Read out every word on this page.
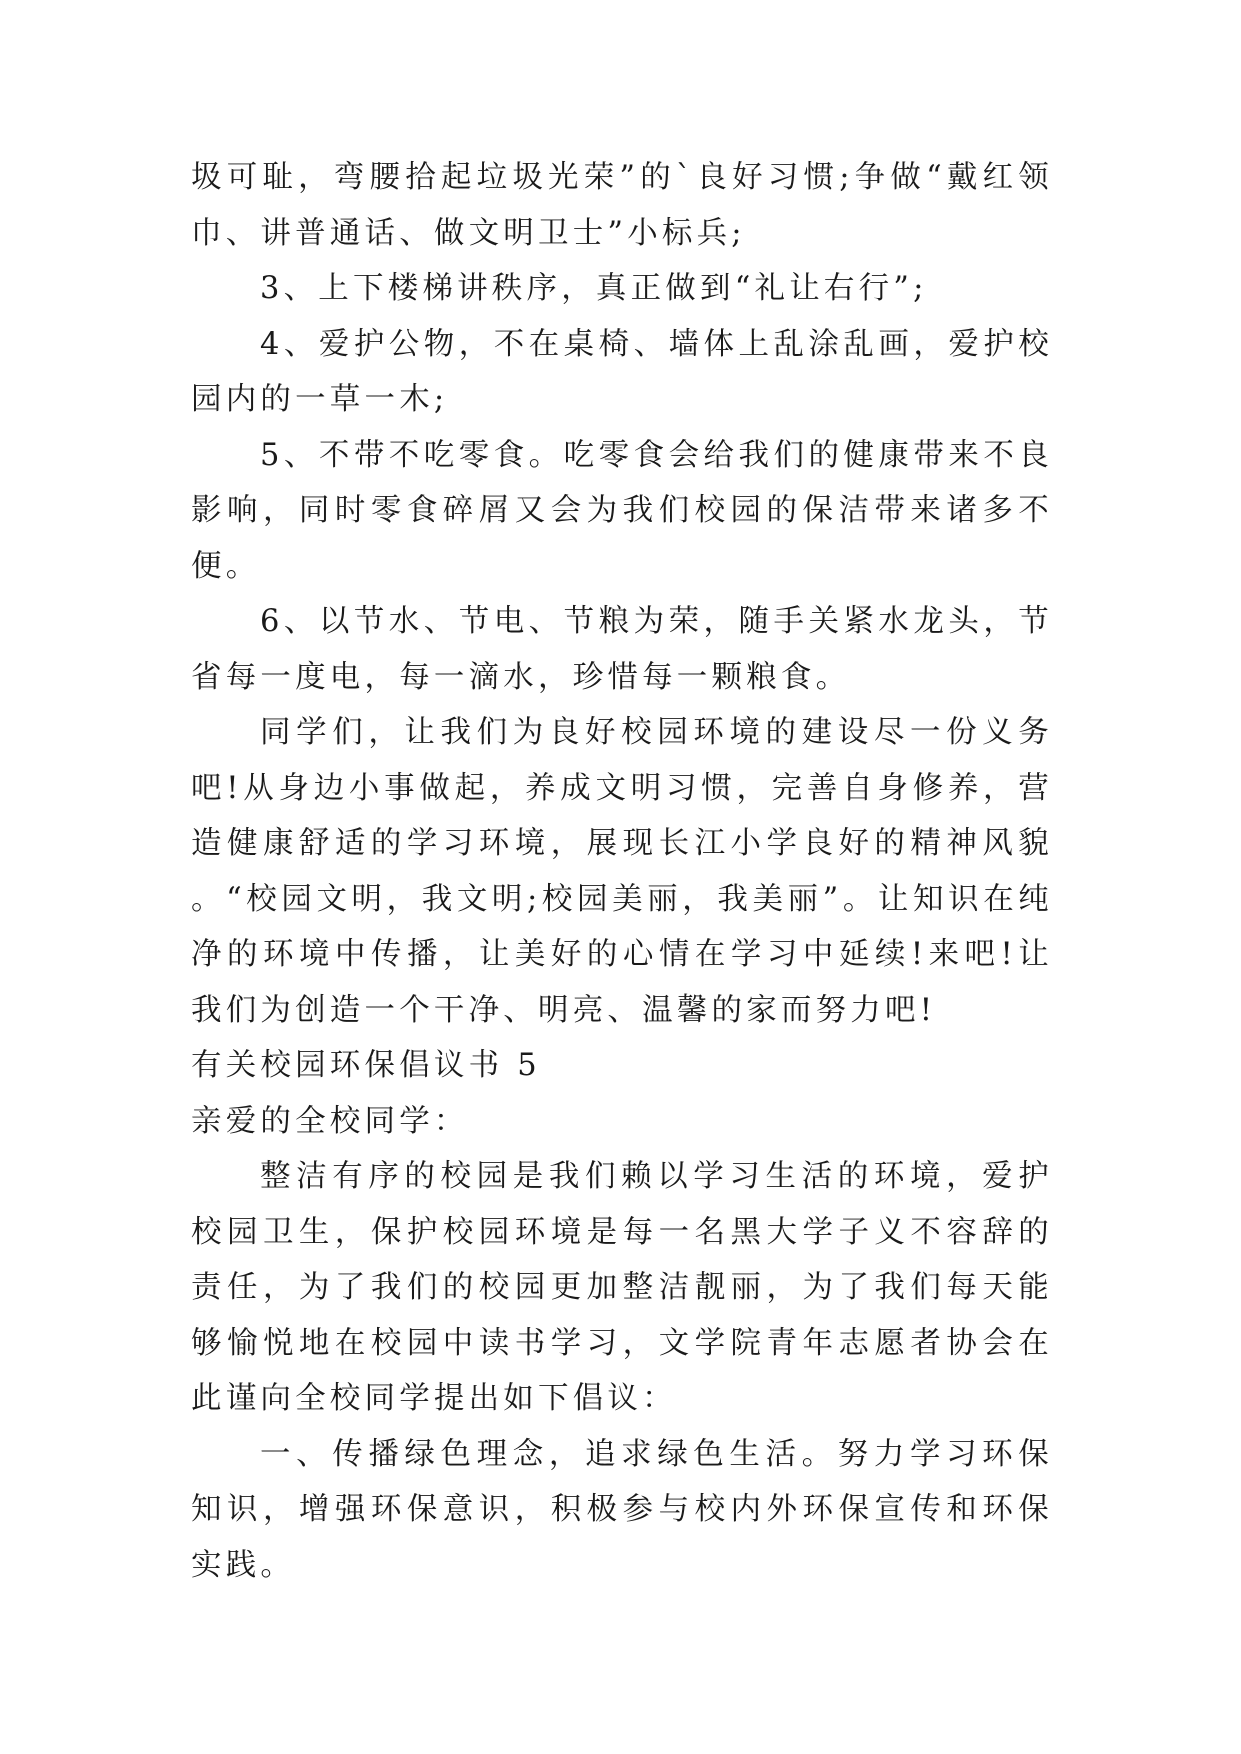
圾可耻，弯腰拾起垃圾光荣”的`良好习惯;争做“戴红领巾、讲普通话、做文明卫士”小标兵;

3、上下楼梯讲秩序，真正做到“礼让右行”;

4、爱护公物，不在桌椅、墙体上乱涂乱画，爱护校园内的一草一木;

5、不带不吃零食。吃零食会给我们的健康带来不良影响，同时零食碎屑又会为我们校园的保洁带来诸多不便。

6、以节水、节电、节粮为荣，随手关紧水龙头，节省每一度电，每一滴水，珍惜每一颗粮食。

同学们，让我们为良好校园环境的建设尽一份义务吧!从身边小事做起，养成文明习惯，完善自身修养，营造健康舒适的学习环境，展现长江小学良好的精神风貌 。“校园文明，我文明;校园美丽，我美丽”。让知识在纯净的环境中传播，让美好的心情在学习中延续!来吧!让我们为创造一个干净、明亮、温馨的家而努力吧!

有关校园环保倡议书 5

亲爱的全校同学：

整洁有序的校园是我们赖以学习生活的环境，爱护校园卫生，保护校园环境是每一名黑大学子义不容辞的责任，为了我们的校园更加整洁靓丽，为了我们每天能够愉悦地在校园中读书学习，文学院青年志愿者协会在此谨向全校同学提出如下倡议：

一、传播绿色理念，追求绿色生活。努力学习环保知识，增强环保意识，积极参与校内外环保宣传和环保实践。
